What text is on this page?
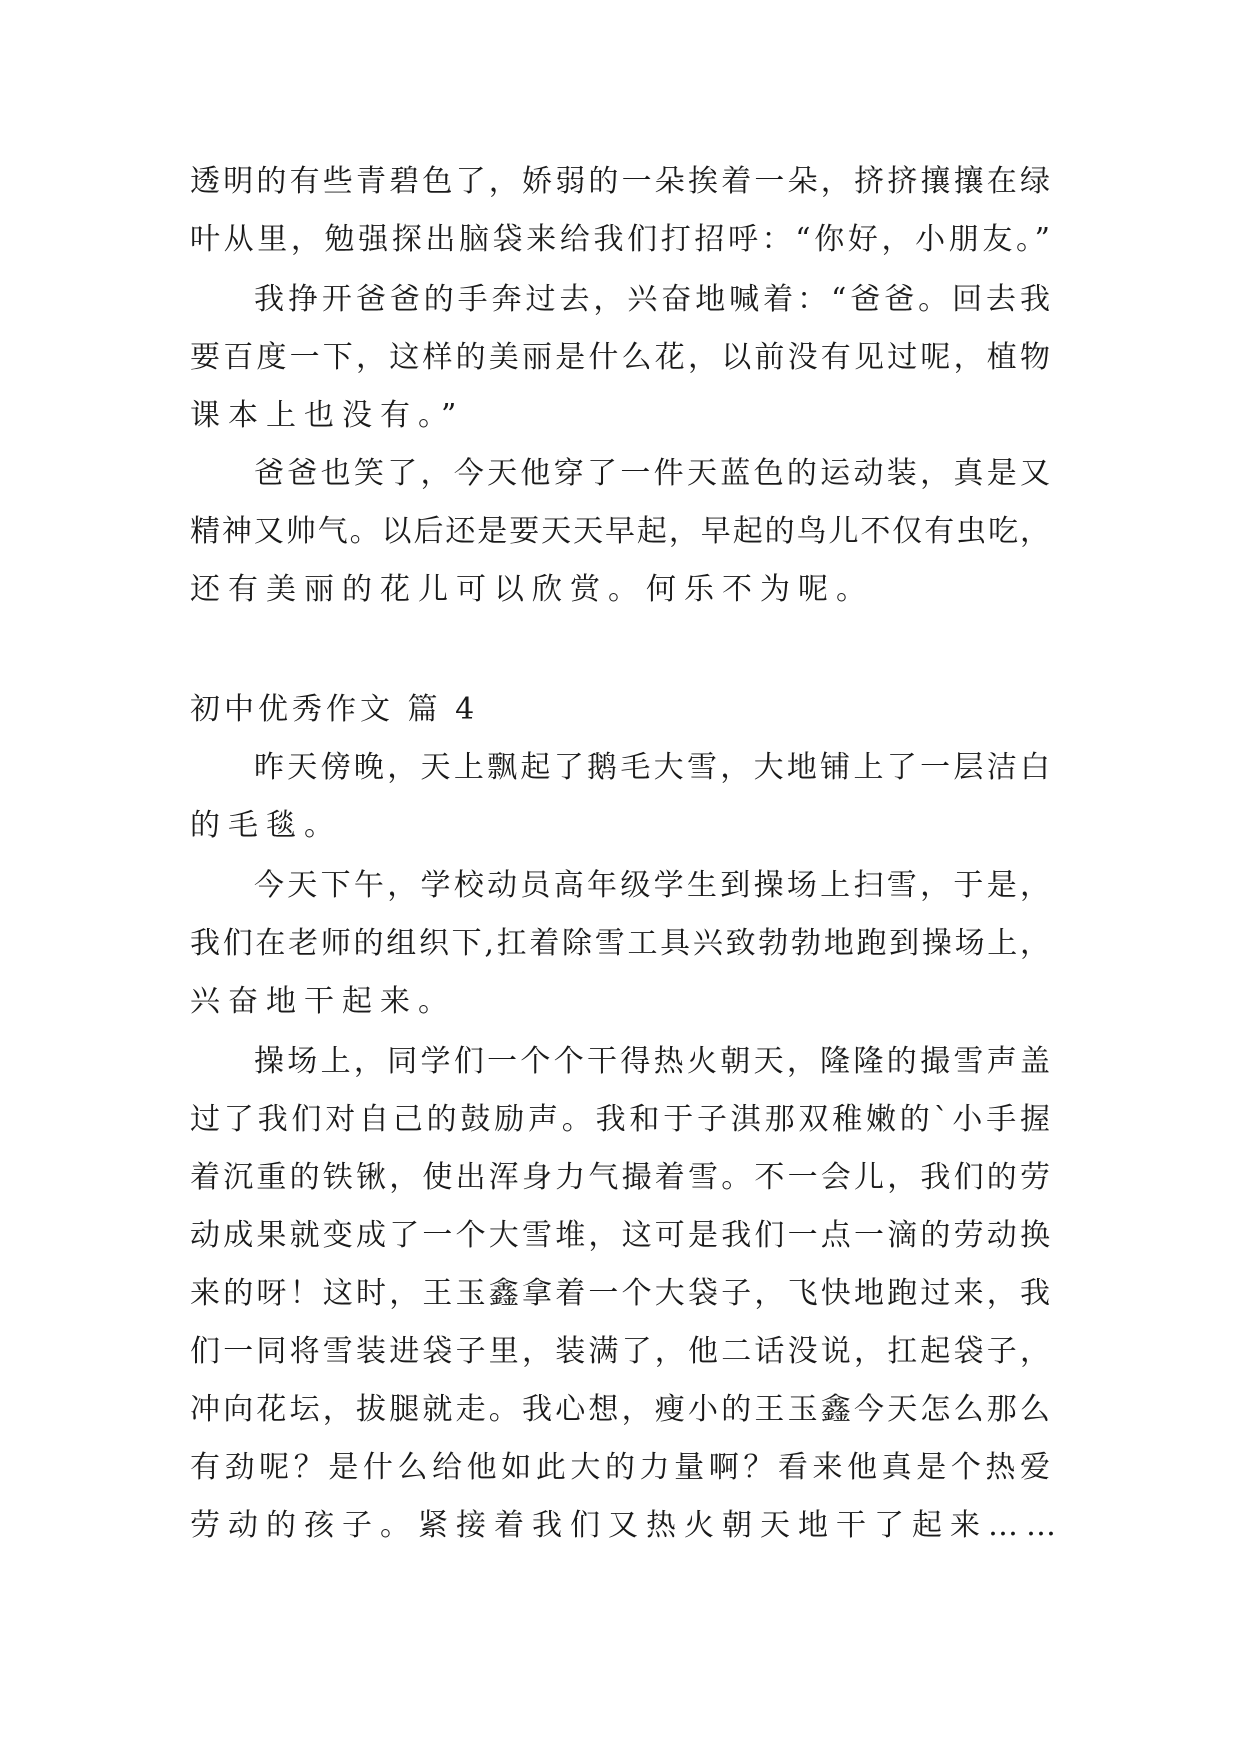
透明的有些青碧色了，娇弱的一朵挨着一朵，挤挤攘攘在绿
叶从里，勉强探出脑袋来给我们打招呼：“你好，小朋友。”
我挣开爸爸的手奔过去，兴奋地喊着：“爸爸。回去我
要百度一下，这样的美丽是什么花，以前没有见过呢，植物
课本上也没有。”
爸爸也笑了，今天他穿了一件天蓝色的运动装，真是又
精神又帅气。以后还是要天天早起，早起的鸟儿不仅有虫吃，
还有美丽的花儿可以欣赏。何乐不为呢。
初中优秀作文 篇 4
昨天傍晚，天上飘起了鹅毛大雪，大地铺上了一层洁白
的毛毯。
今天下午，学校动员高年级学生到操场上扫雪，于是，
我们在老师的组织下,扛着除雪工具兴致勃勃地跑到操场上，
兴奋地干起来。
操场上，同学们一个个干得热火朝天，隆隆的撮雪声盖
过了我们对自己的鼓励声。我和于子淇那双稚嫩的`小手握
着沉重的铁锹，使出浑身力气撮着雪。不一会儿，我们的劳
动成果就变成了一个大雪堆，这可是我们一点一滴的劳动换
来的呀！这时，王玉鑫拿着一个大袋子，飞快地跑过来，我
们一同将雪装进袋子里，装满了，他二话没说，扛起袋子，
冲向花坛，拔腿就走。我心想，瘦小的王玉鑫今天怎么那么
有劲呢？是什么给他如此大的力量啊？看来他真是个热爱
劳动的孩子。紧接着我们又热火朝天地干了起来……
